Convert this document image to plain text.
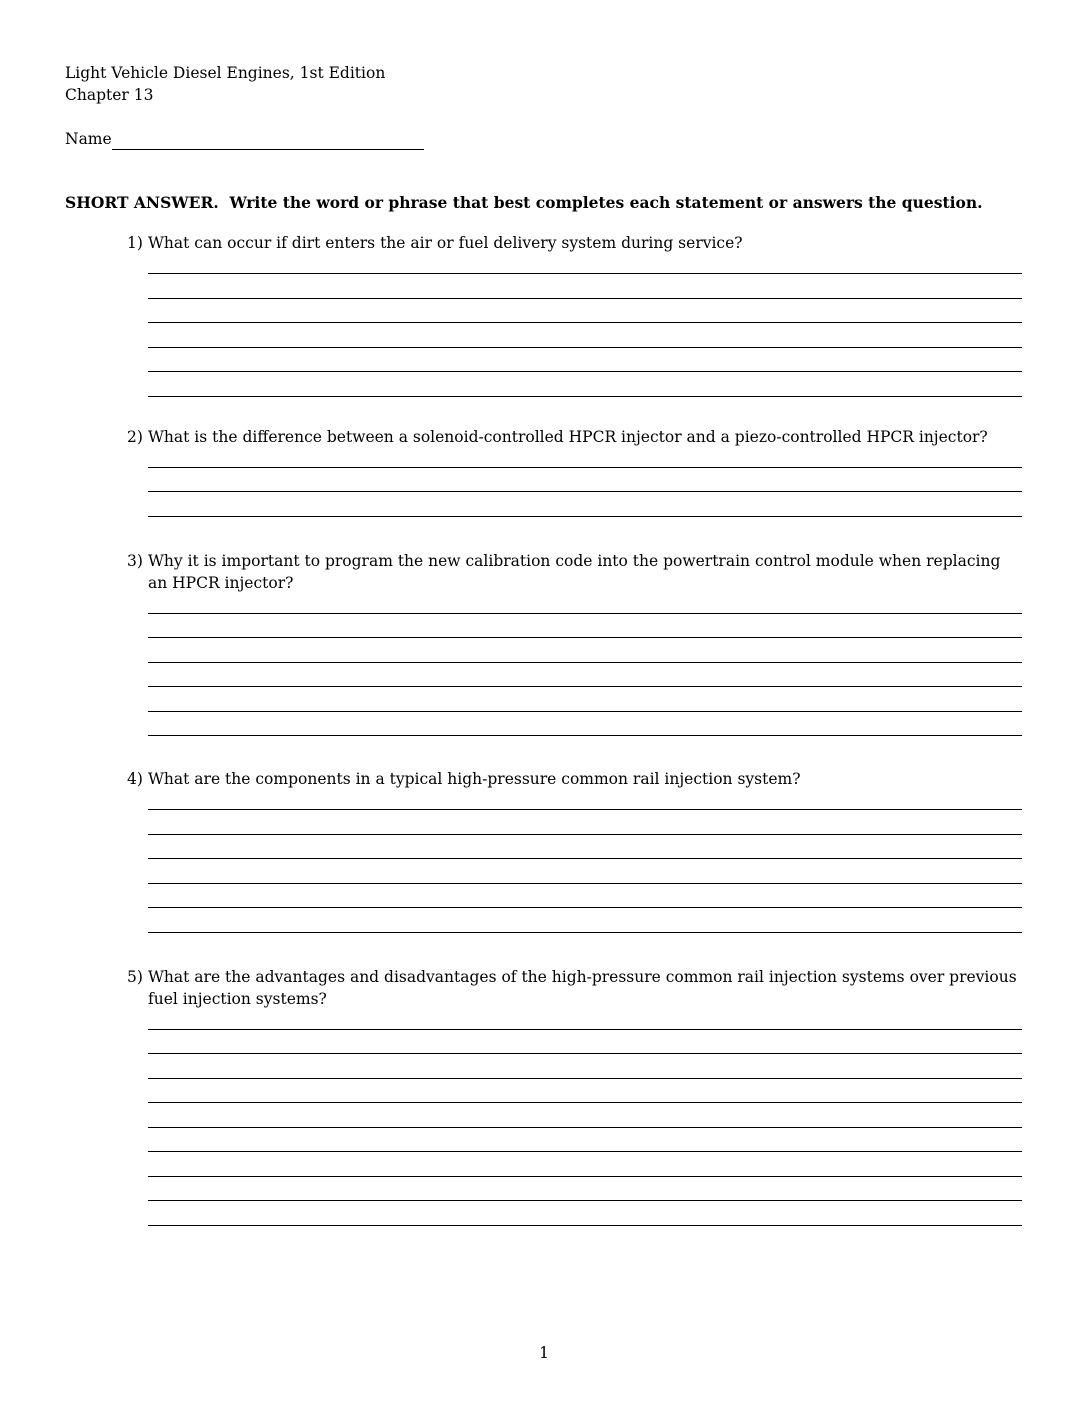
Light Vehicle Diesel Engines, 1st Edition
Chapter 13
Name
SHORT ANSWER.  Write the word or phrase that best completes each statement or answers the question.
1) What can occur if dirt enters the air or fuel delivery system during service?
2) What is the difference between a solenoid-controlled HPCR injector and a piezo-controlled HPCR injector?
3) Why it is important to program the new calibration code into the powertrain control module when replacing an HPCR injector?
4) What are the components in a typical high-pressure common rail injection system?
5) What are the advantages and disadvantages of the high-pressure common rail injection systems over previous fuel injection systems?
1
